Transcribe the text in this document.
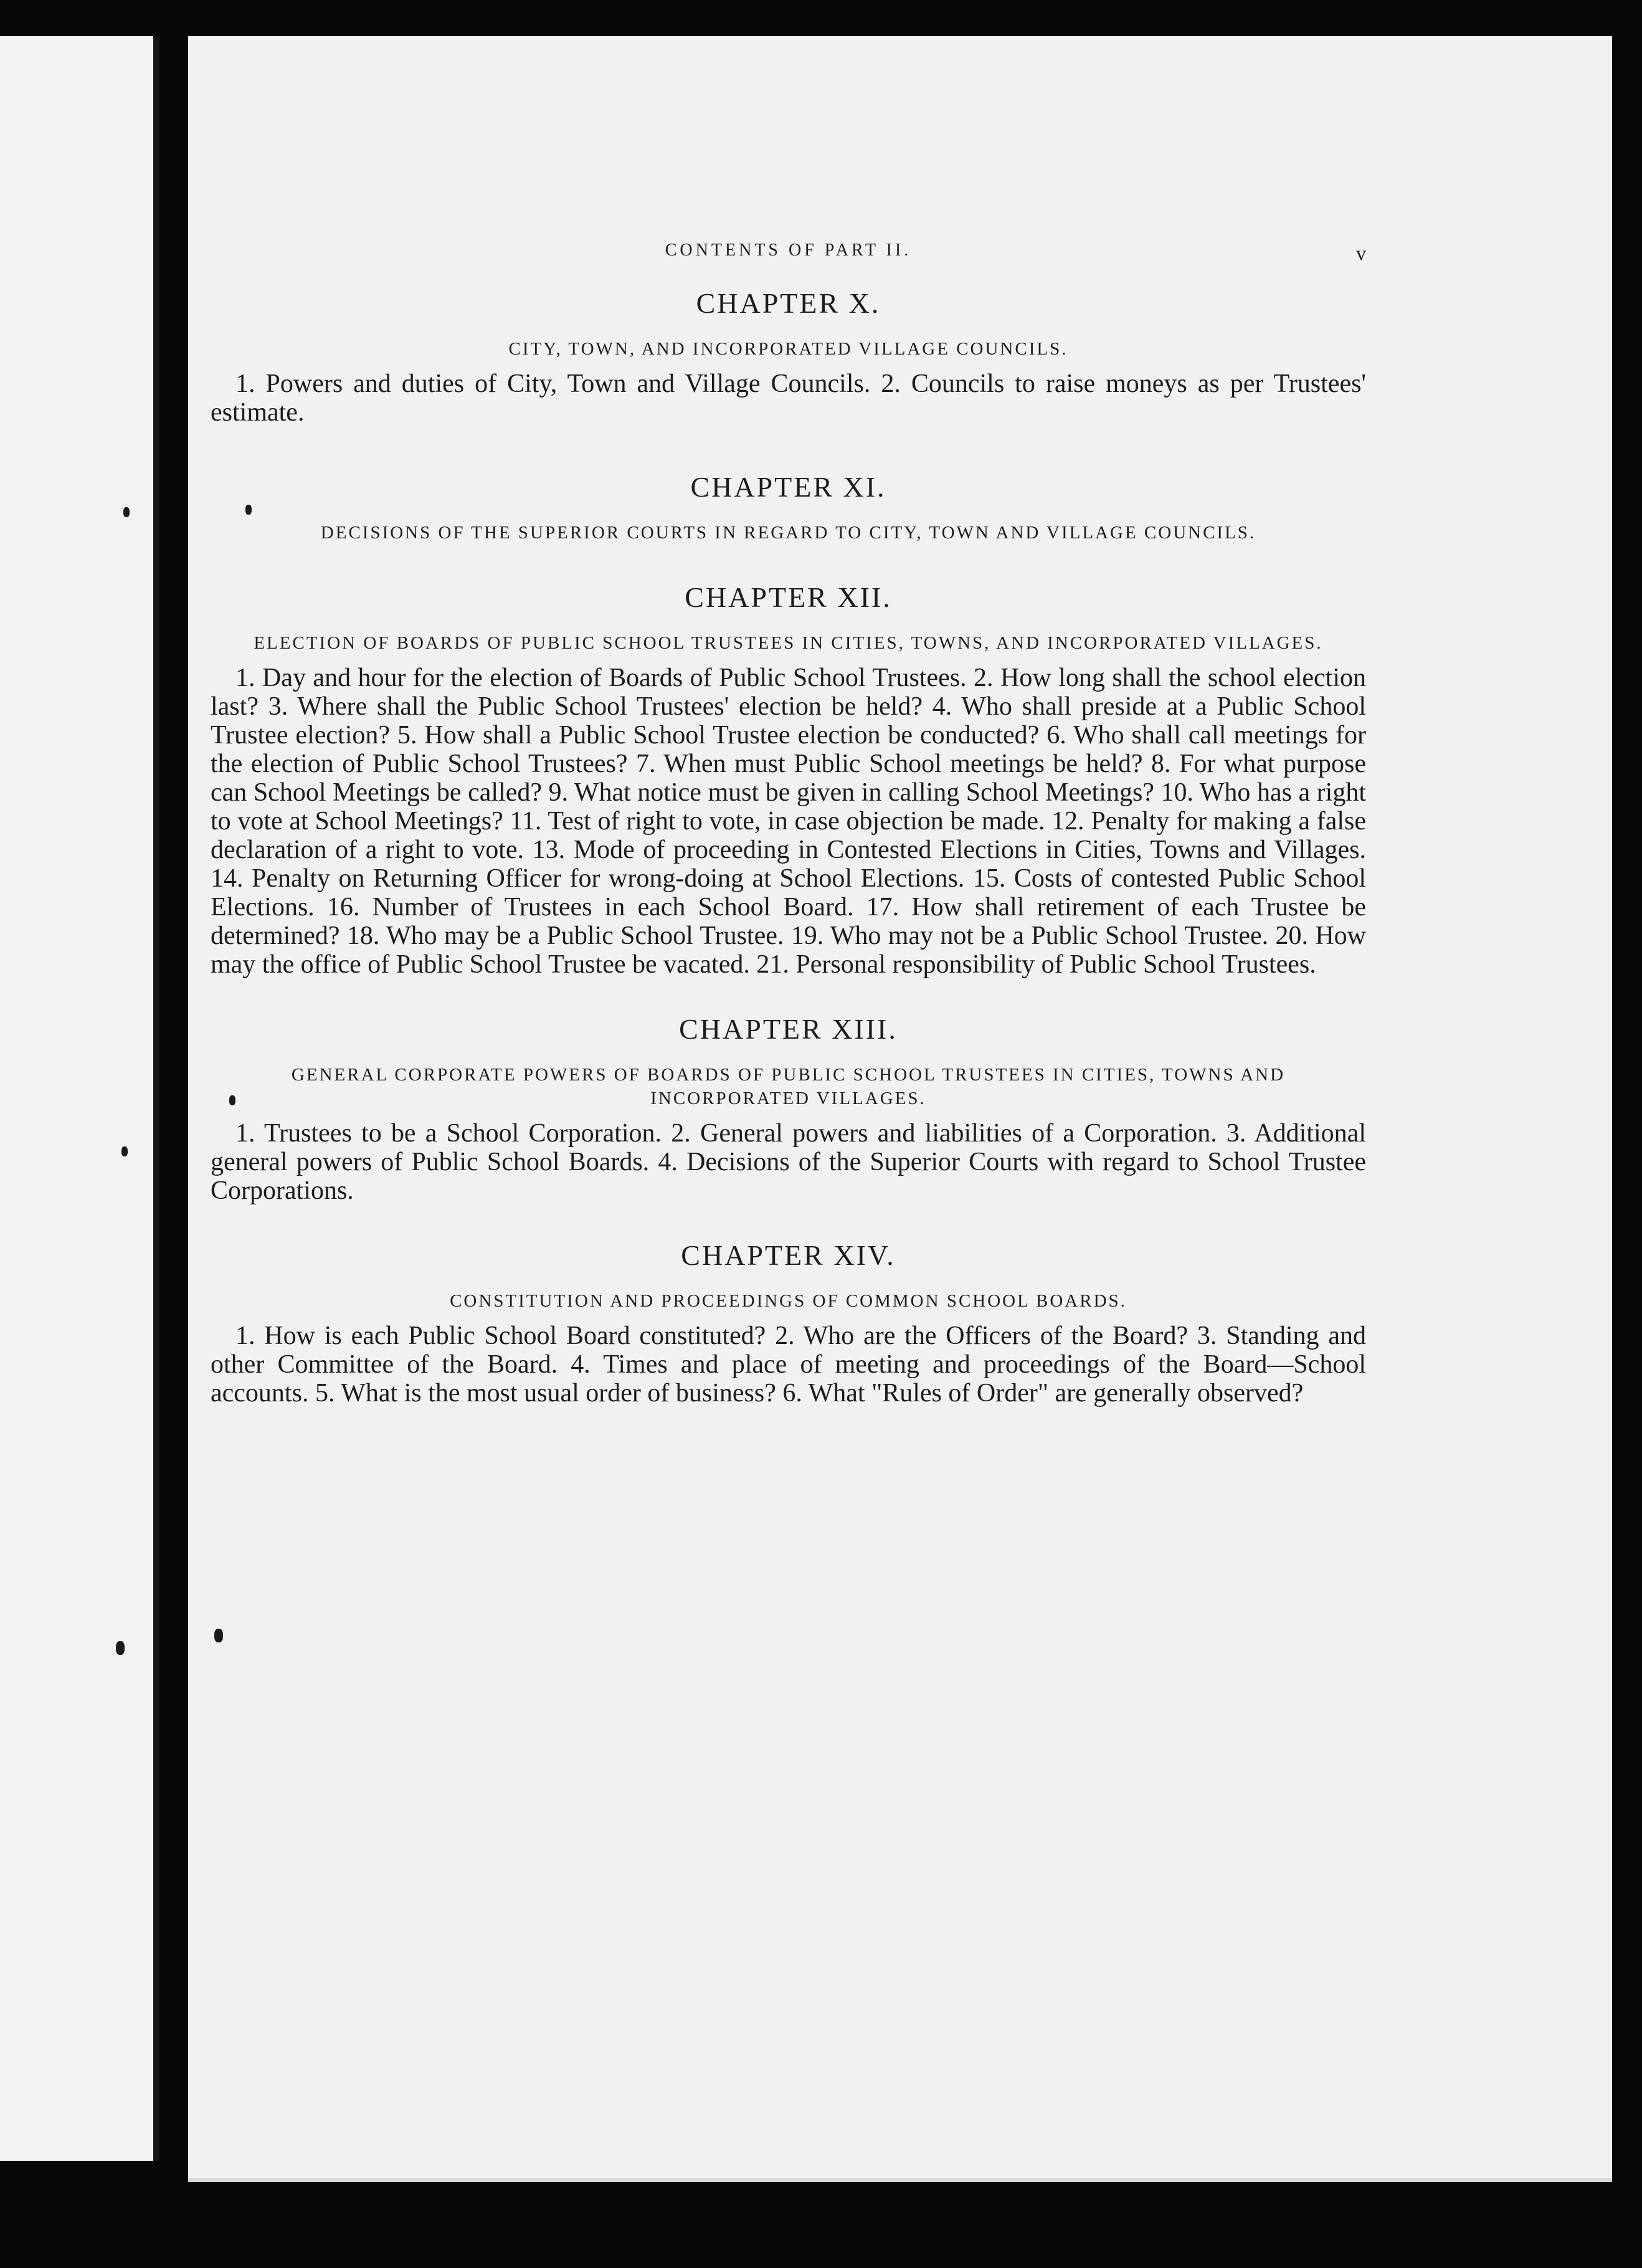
CONTENTS OF PART II.	v
CHAPTER X.
CITY, TOWN, AND INCORPORATED VILLAGE COUNCILS.

1. Powers and duties of City, Town and Village Councils. 2. Councils to raise moneys as per Trustees' estimate.

CHAPTER XI.
DECISIONS OF THE SUPERIOR COURTS IN REGARD TO CITY, TOWN AND VILLAGE COUNCILS.
CHAPTER XII.
ELECTION OF BOARDS OF PUBLIC SCHOOL TRUSTEES IN CITIES, TOWNS, AND INCORPORATED VILLAGES.

1. Day and hour for the election of Boards of Public School Trustees. 2. How long shall the school election last? 3. Where shall the Public School Trustees' election be held? 4. Who shall preside at a Public School Trustee election? 5. How shall a Public School Trustee election be conducted? 6. Who shall call meetings for the election of Public School Trustees? 7. When must Public School meetings be held? 8. For what purpose can School Meetings be called? 9. What notice must be given in calling School Meetings? 10. Who has a right to vote at School Meetings? 11. Test of right to vote, in case objection be made. 12. Penalty for making a false declaration of a right to vote. 13. Mode of proceeding in Contested Elections in Cities, Towns and Villages. 14. Penalty on Returning Officer for wrong-doing at School Elections. 15. Costs of contested Public School Elections. 16. Number of Trustees in each School Board. 17. How shall retirement of each Trustee be determined? 18. Who may be a Public School Trustee. 19. Who may not be a Public School Trustee. 20. How may the office of Public School Trustee be vacated. 21. Personal responsibility of Public School Trustees.

CHAPTER XIII.
GENERAL CORPORATE POWERS OF BOARDS OF PUBLIC SCHOOL TRUSTEES IN CITIES, TOWNS AND INCORPORATED VILLAGES.

1. Trustees to be a School Corporation. 2. General powers and liabilities of a Corporation. 3. Additional general powers of Public School Boards. 4. Decisions of the Superior Courts with regard to School Trustee Corporations.

CHAPTER XIV.
CONSTITUTION AND PROCEEDINGS OF COMMON SCHOOL BOARDS.

1. How is each Public School Board constituted? 2. Who are the Officers of the Board? 3. Standing and other Committee of the Board. 4. Times and place of meeting and proceedings of the Board—School accounts. 5. What is the most usual order of business? 6. What "Rules of Order" are generally observed?
